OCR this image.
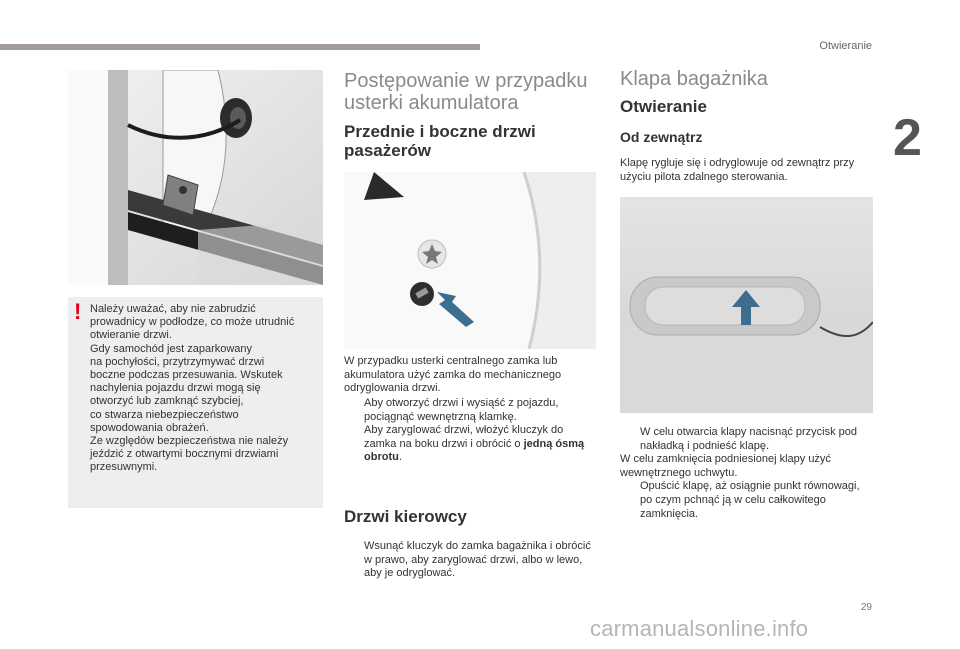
Otwieranie
2
! Należy uważać, aby nie zabrudzić
prowadnicy w podłodze, co może utrudnić
otwieranie drzwi.
Gdy samochód jest zaparkowany
na pochyłości, przytrzymywać drzwi
boczne podczas przesuwania. Wskutek
nachylenia pojazdu drzwi mogą się
otworzyć lub zamknąć szybciej,
co stwarza niebezpieczeństwo
spowodowania obrażeń.
Ze względów bezpieczeństwa nie należy
jeździć z otwartymi bocznymi drzwiami
przesuwnymi.
Postępowanie w przypadku
usterki akumulatora
Przednie i boczne drzwi
pasażerów
W przypadku usterki centralnego zamka lub akumulatora użyć zamka do mechanicznego odryglowania drzwi.
Aby otworzyć drzwi i wysiąść z pojazdu, pociągnąć wewnętrzną klamkę.
Aby zaryglować drzwi, włożyć kluczyk do zamka na boku drzwi i obrócić o jedną ósmą obrotu.
Drzwi kierowcy
Wsunąć kluczyk do zamka bagażnika i obrócić w prawo, aby zaryglować drzwi, albo w lewo, aby je odryglować.
Klapa bagażnika
Otwieranie
Od zewnątrz
Klapę rygluje się i odryglowuje od zewnątrz przy użyciu pilota zdalnego sterowania.
W celu otwarcia klapy nacisnąć przycisk pod nakładką i podnieść klapę.
W celu zamknięcia podniesionej klapy użyć wewnętrznego uchwytu.
Opuścić klapę, aż osiągnie punkt równowagi, po czym pchnąć ją w celu całkowitego zamknięcia.
29
carmanualsonline.info
